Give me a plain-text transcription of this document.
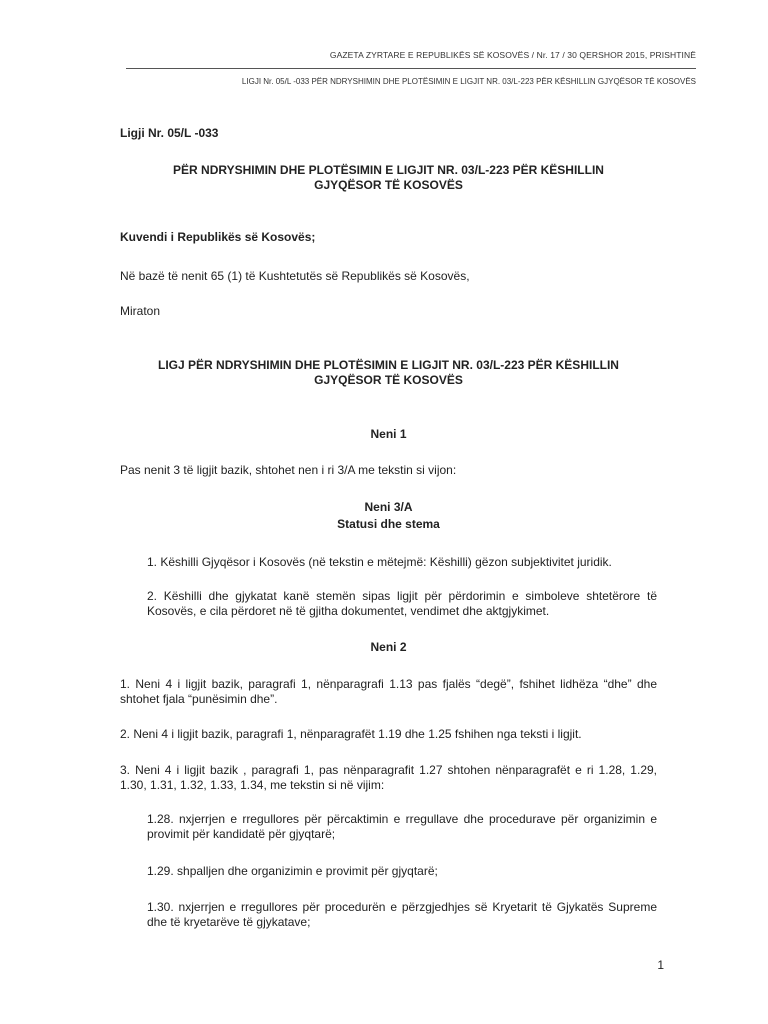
GAZETA ZYRTARE E REPUBLIKËS SË KOSOVËS / Nr. 17 / 30 QERSHOR 2015, PRISHTINË
LIGJI Nr. 05/L -033 PËR NDRYSHIMIN DHE PLOTËSIMIN E LIGJIT NR. 03/L-223 PËR KËSHILLIN GJYQËSOR TË KOSOVËS
Ligji Nr. 05/L -033
PËR NDRYSHIMIN DHE PLOTËSIMIN E LIGJIT NR. 03/L-223 PËR KËSHILLIN
GJYQËSOR TË KOSOVËS
Kuvendi i Republikës së Kosovës;
Në bazë të nenit 65 (1) të Kushtetutës së Republikës së Kosovës,
Miraton
LIGJ PËR NDRYSHIMIN DHE PLOTËSIMIN E LIGJIT NR. 03/L-223 PËR KËSHILLIN
GJYQËSOR TË KOSOVËS
Neni 1
Pas nenit 3 të ligjit bazik, shtohet nen i ri 3/A me tekstin si vijon:
Neni 3/A
Statusi dhe stema
1. Këshilli Gjyqësor i Kosovës (në tekstin e mëtejmë: Këshilli) gëzon subjektivitet juridik.
2. Këshilli dhe gjykatat kanë stemën sipas ligjit për përdorimin e simboleve shtetërore të Kosovës, e cila përdoret në të gjitha dokumentet, vendimet dhe aktgjykimet.
Neni 2
1. Neni 4 i ligjit bazik, paragrafi 1, nënparagrafi 1.13 pas fjalës “degë”, fshihet lidhëza “dhe” dhe shtohet fjala “punësimin dhe”.
2. Neni 4 i ligjit bazik, paragrafi 1, nënparagrafët 1.19 dhe 1.25 fshihen nga teksti i ligjit.
3. Neni 4 i ligjit bazik , paragrafi 1, pas nënparagrafit 1.27 shtohen nënparagrafët e ri 1.28, 1.29, 1.30, 1.31, 1.32, 1.33, 1.34, me tekstin si në vijim:
1.28. nxjerrjen e rregullores për përcaktimin e rregullave dhe procedurave për organizimin e provimit për kandidatë për gjyqtarë;
1.29. shpalljen dhe organizimin e provimit për gjyqtarë;
1.30. nxjerrjen e rregullores për procedurën e përzgjedhjes së Kryetarit të Gjykatës Supreme dhe të kryetarëve të gjykatave;
1
